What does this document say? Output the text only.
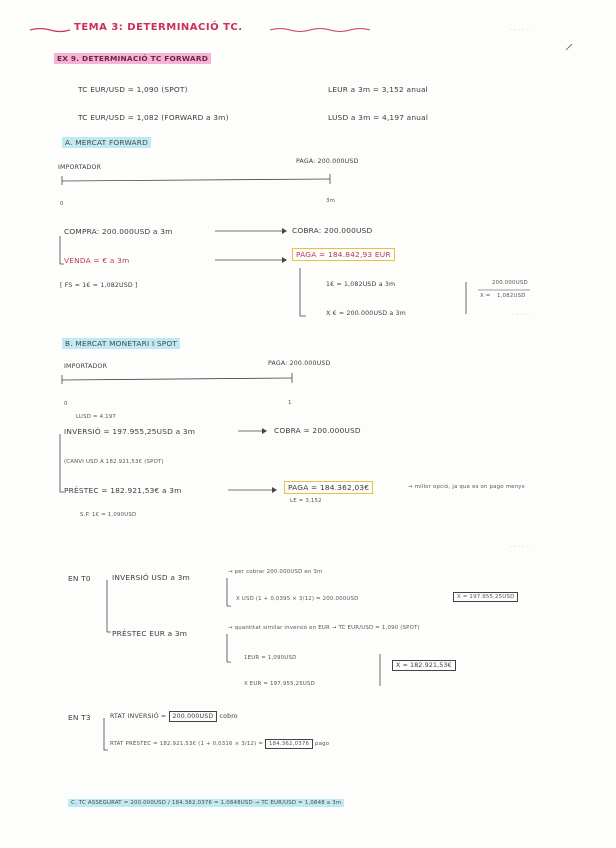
TEMA 3: DETERMINACIÓ TC.	· · · · ·
EX 9. DETERMINACIÓ TC FORWARD
TC EUR/USD = 1,090 (SPOT)
TC EUR/USD = 1,082 (FORWARD a 3m)
LEUR a 3m = 3,152 anual
LUSD a 3m = 4,197 anual
A. MERCAT FORWARD
IMPORTADOR
PAGA: 200.000USD
0	3m
COMPRA: 200.000USD a 3m	COBRA: 200.000USD
VENDA = € a 3m
PAGA = 184.842,93 EUR
[ FS = 1€ = 1,082USD ]	1€ = 1,082USD a 3m
X € = 200.000USD a 3m
200.000USD
X = 1,082USD
· · · · ·
B. MERCAT MONETARI I SPOT
IMPORTADOR	PAGA: 200.000USD
0	1
LUSD = 4,197
INVERSIÓ = 197.955,25USD a 3m	COBRA = 200.000USD
(CANVI USD A 182.921,53€ (SPOT)
PRÉSTEC = 182.921,53€ a 3m	PAGA = 184.362,03€
LE = 3,152
→ millor opció, ja que es on pago menys
S.P. 1€ = 1,090USD
· · · · ·
EN T0	INVERSIÓ USD a 3m
→ per cobrar 200.000USD en 3m
X USD (1 + 0,0395 × 3/12) = 200.000USD	X = 197.955,25USD
PRÉSTEC EUR a 3m
→ quantitat similar inversió en EUR → TC EUR/USD = 1,090 (SPOT)
1EUR = 1,090USD
X EUR = 197.955,25USD
X = 182.921,53€
EN T3	RTAT INVERSIÓ = 200.000USD cobro
RTAT PRÉSTEC = 182.921,53€ (1 + 0,0316 × 3/12) = 184.362,0376 pago
C. TC ASSEGURAT = 200.000USD / 184.362,0376 = 1,0848USD → TC EUR/USD = 1,0848 a 3m
